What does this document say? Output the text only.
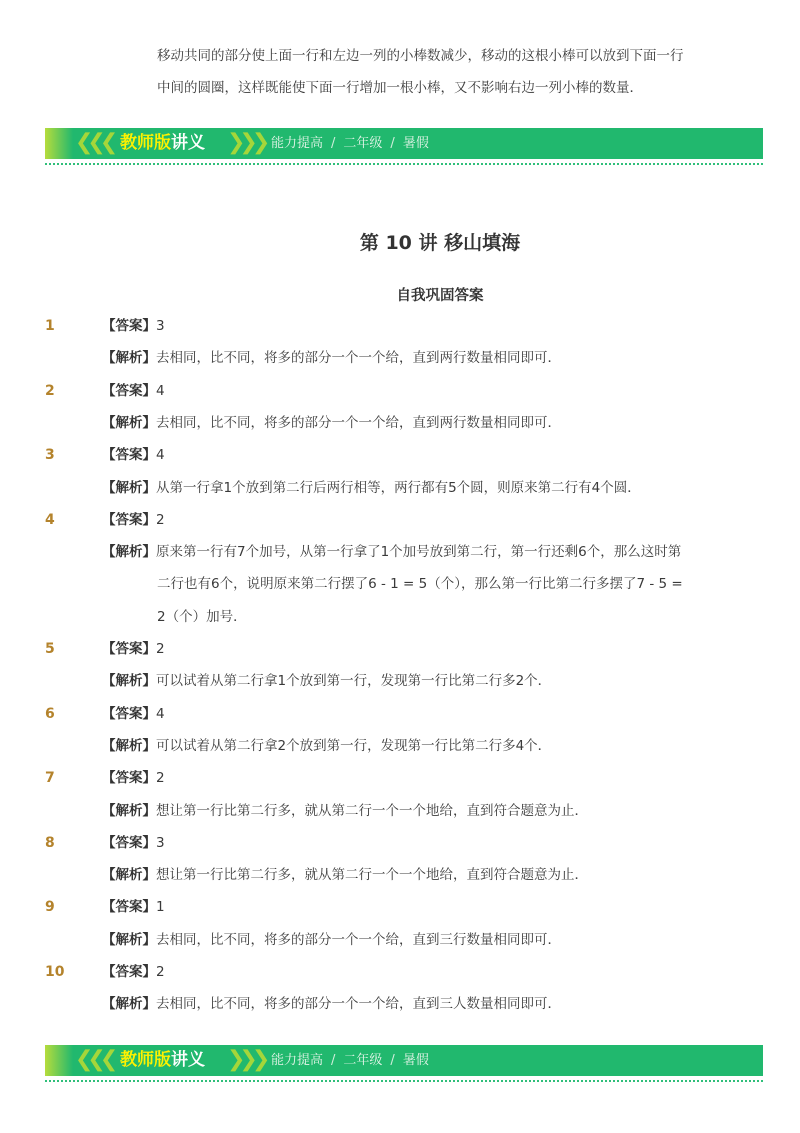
移动共同的部分使上面一行和左边一列的小棒数减少，移动的这根小棒可以放到下面一行
中间的圆圈，这样既能使下面一行增加一根小棒，又不影响右边一列小棒的数量．
❮❮❮ 教师版讲义 ❯❯❯ 能力提高 / 二年级 / 暑假
第 10 讲 移山填海
自我巩固答案
1	【答案】3
【解析】去相同，比不同，将多的部分一个一个给，直到两行数量相同即可．
2	【答案】4
【解析】去相同，比不同，将多的部分一个一个给，直到两行数量相同即可．
3	【答案】4
【解析】从第一行拿1个放到第二行后两行相等，两行都有5个圆，则原来第二行有4个圆．
4	【答案】2
【解析】原来第一行有7个加号，从第一行拿了1个加号放到第二行，第一行还剩6个，那么这时第
二行也有6个，说明原来第二行摆了6 - 1 = 5（个），那么第一行比第二行多摆了7 - 5 =
2（个）加号．
5	【答案】2
【解析】可以试着从第二行拿1个放到第一行，发现第一行比第二行多2个．
6	【答案】4
【解析】可以试着从第二行拿2个放到第一行，发现第一行比第二行多4个．
7	【答案】2
【解析】想让第一行比第二行多，就从第二行一个一个地给，直到符合题意为止．
8	【答案】3
【解析】想让第一行比第二行多，就从第二行一个一个地给，直到符合题意为止．
9	【答案】1
【解析】去相同，比不同，将多的部分一个一个给，直到三行数量相同即可．
10	【答案】2
【解析】去相同，比不同，将多的部分一个一个给，直到三人数量相同即可．
❮❮❮ 教师版讲义 ❯❯❯ 能力提高 / 二年级 / 暑假
